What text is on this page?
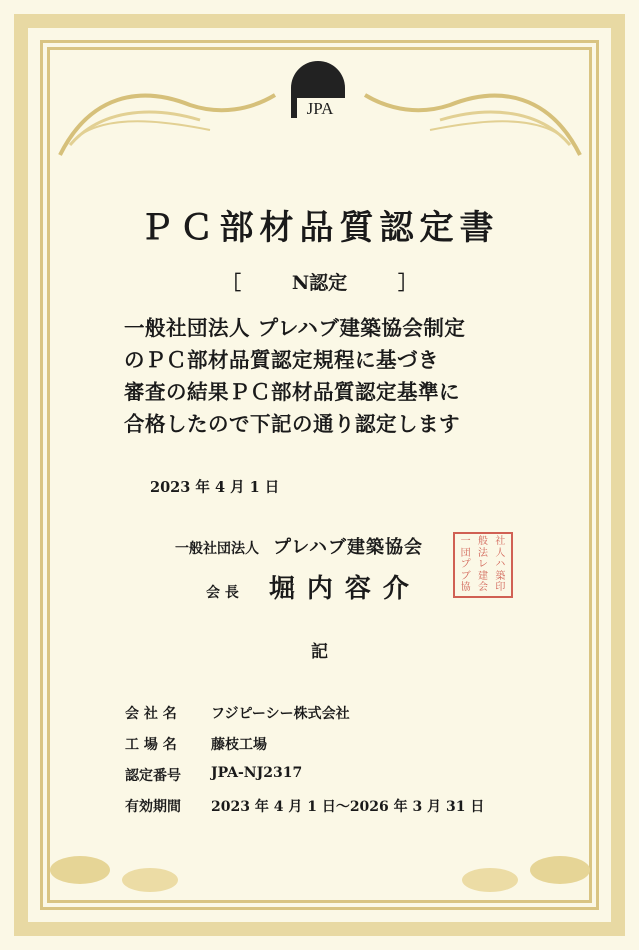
JPA
ＰＣ部材品質認定書
［	N認定	］
一般社団法人 プレハブ建築協会制定
のＰＣ部材品質認定規程に基づき
審査の結果ＰＣ部材品質認定基準に
合格したので下記の通り認定します
2023 年 4 月 1 日
一般社団法人 プレハブ建築協会
会 長 堀内容介
一 般 社
団 法 人
プ レ ハ
ブ 建 築
協 会 印
記
会 社 名	フジピーシー株式会社
工 場 名	藤枝工場
認定番号	JPA-NJ2317
有効期間	2023 年 4 月 1 日～2026 年 3 月 31 日
